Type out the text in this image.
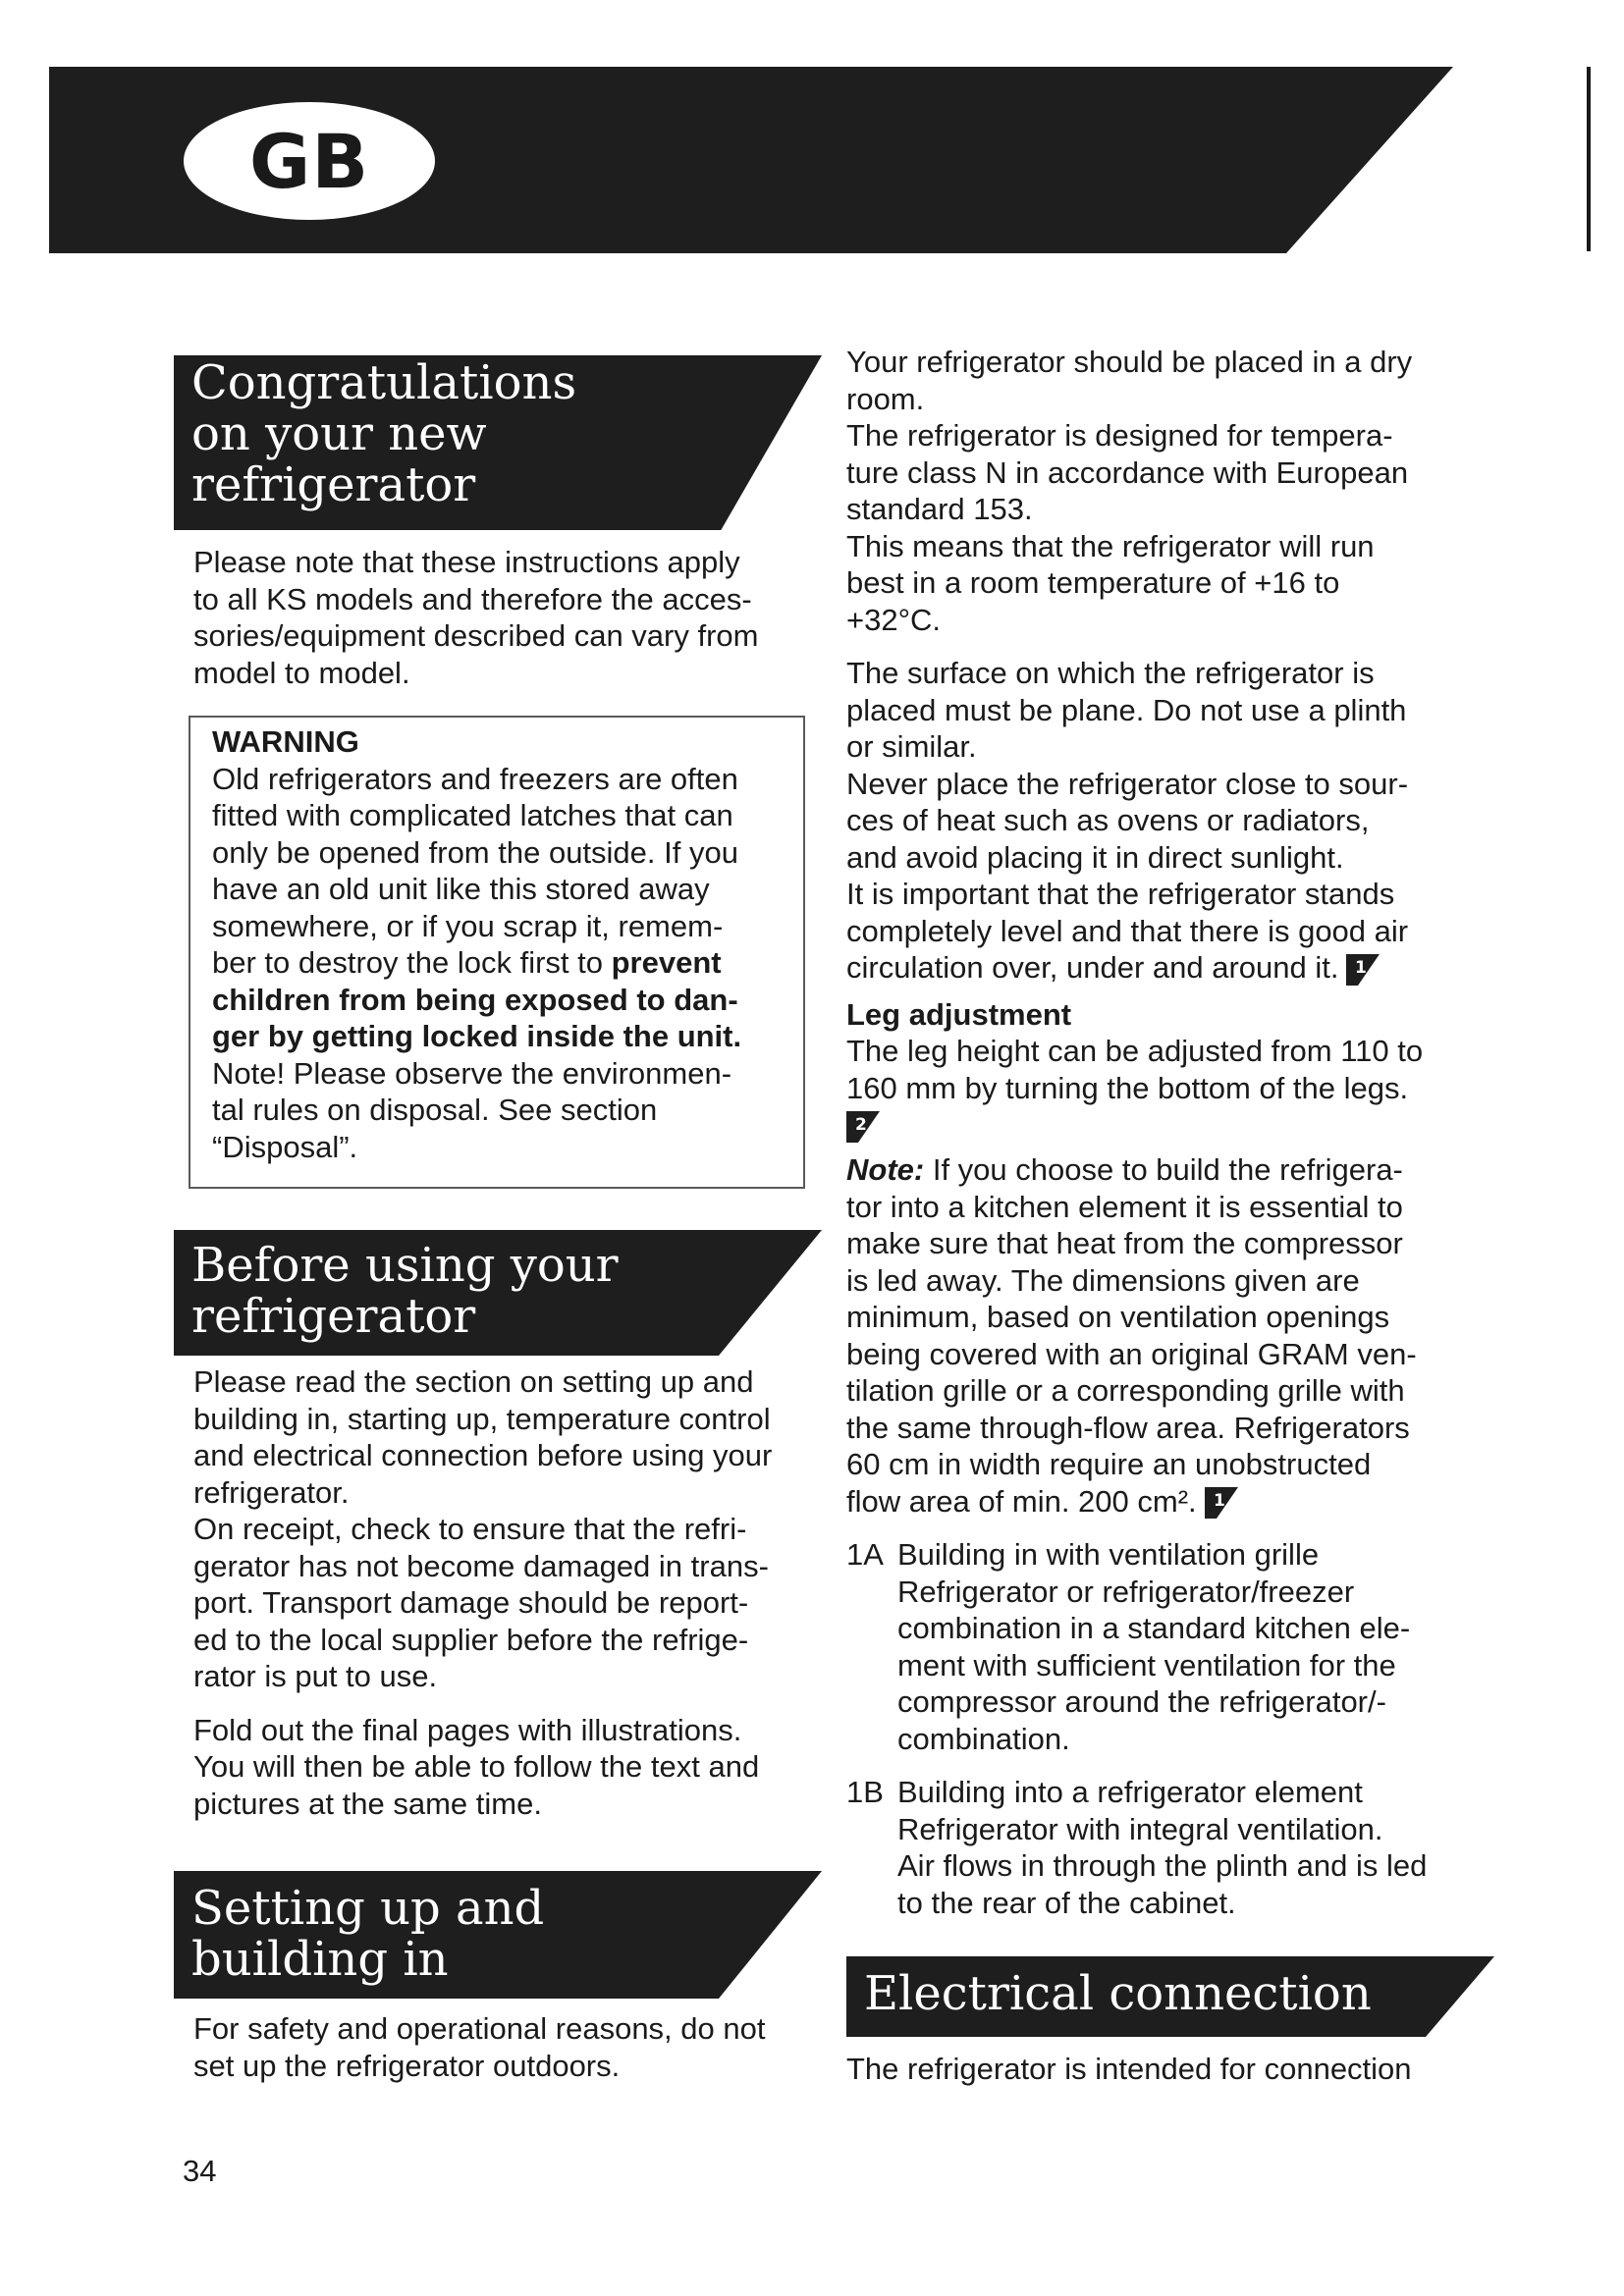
GB
Congratulations
on your new
refrigerator

Please note that these instructions apply

to all KS models and therefore the acces-

sories/equipment described can vary from

model to model.

WARNING

Old refrigerators and freezers are often

fitted with complicated latches that can

only be opened from the outside. If you

have an old unit like this stored away

somewhere, or if you scrap it, remem-

ber to destroy the lock first to prevent

children from being exposed to dan-

ger by getting locked inside the unit.

Note! Please observe the environmen-

tal rules on disposal. See section

“Disposal”.

Before using your
refrigerator

Please read the section on setting up and

building in, starting up, temperature control

and electrical connection before using your

refrigerator.

On receipt, check to ensure that the refri-

gerator has not become damaged in trans-

port. Transport damage should be report-

ed to the local supplier before the refrige-

rator is put to use.

Fold out the final pages with illustrations.

You will then be able to follow the text and

pictures at the same time.

Setting up and
building in

For safety and operational reasons, do not

set up the refrigerator outdoors.

Your refrigerator should be placed in a dry

room.

The refrigerator is designed for tempera-

ture class N in accordance with European

standard 153.

This means that the refrigerator will run

best in a room temperature of +16 to

+32°C.

The surface on which the refrigerator is

placed must be plane. Do not use a plinth

or similar.

Never place the refrigerator close to sour-

ces of heat such as ovens or radiators,

and avoid placing it in direct sunlight.

It is important that the refrigerator stands

completely level and that there is good air

circulation over, under and around it. 1

Leg adjustment

The leg height can be adjusted from 110 to

160 mm by turning the bottom of the legs.

2

Note: If you choose to build the refrigera-

tor into a kitchen element it is essential to

make sure that heat from the compressor

is led away. The dimensions given are

minimum, based on ventilation openings

being covered with an original GRAM ven-

tilation grille or a corresponding grille with

the same through-flow area. Refrigerators

60 cm in width require an unobstructed

flow area of min. 200 cm². 1

1A Building in with ventilation grille
Refrigerator or refrigerator/freezer
combination in a standard kitchen ele-
ment with sufficient ventilation for the
compressor around the refrigerator/-
combination.
1B Building into a refrigerator element
Refrigerator with integral ventilation.
Air flows in through the plinth and is led
to the rear of the cabinet.
Electrical connection

The refrigerator is intended for connection

34
